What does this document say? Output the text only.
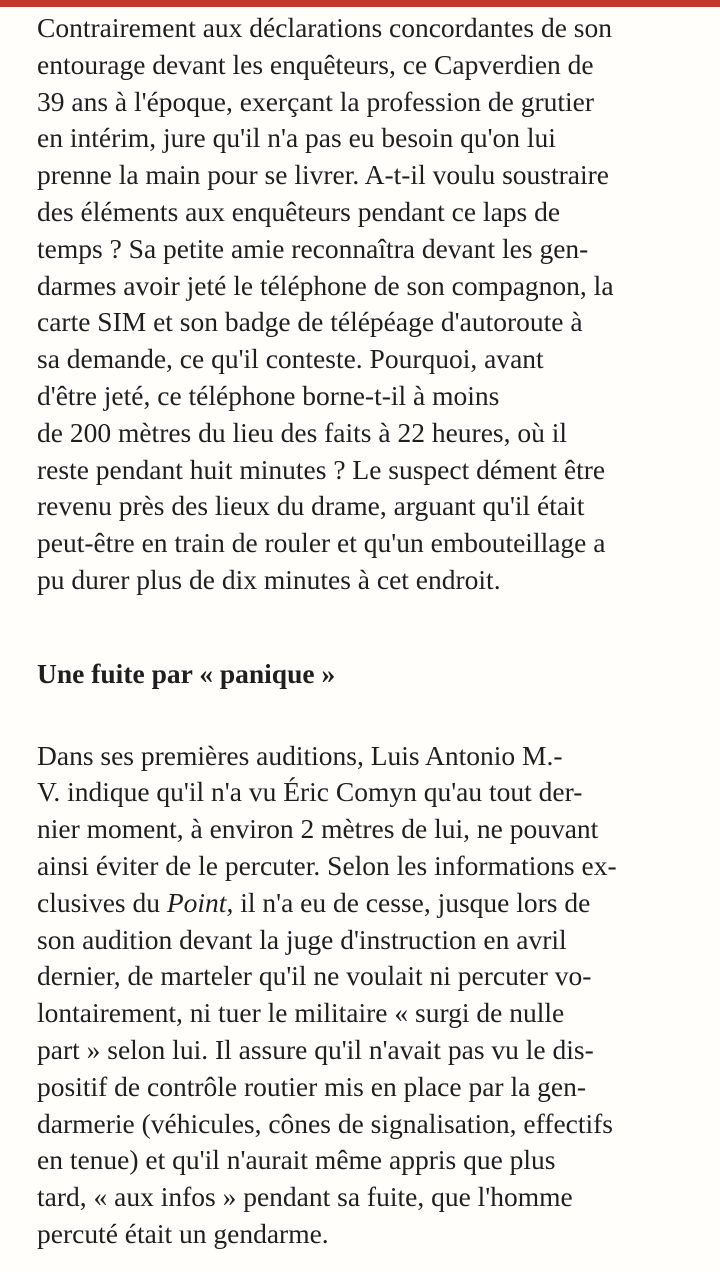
Contrairement aux déclarations concordantes de son
entourage devant les enquêteurs, ce Capverdien de
39 ans à l'époque, exerçant la profession de grutier
en intérim, jure qu'il n'a pas eu besoin qu'on lui
prenne la main pour se livrer. A-t-il voulu soustraire
des éléments aux enquêteurs pendant ce laps de
temps ? Sa petite amie reconnaîtra devant les gen-
darmes avoir jeté le téléphone de son compagnon, la
carte SIM et son badge de télépéage d'autoroute à
sa demande, ce qu'il conteste. Pourquoi, avant
d'être jeté, ce téléphone borne-t-il à moins
de 200 mètres du lieu des faits à 22 heures, où il
reste pendant huit minutes ? Le suspect dément être
revenu près des lieux du drame, arguant qu'il était
peut-être en train de rouler et qu'un embouteillage a
pu durer plus de dix minutes à cet endroit.

Une fuite par « panique »

Dans ses premières auditions, Luis Antonio M.-
V. indique qu'il n'a vu Éric Comyn qu'au tout der-
nier moment, à environ 2 mètres de lui, ne pouvant
ainsi éviter de le percuter. Selon les informations ex-
clusives du Point, il n'a eu de cesse, jusque lors de
son audition devant la juge d'instruction en avril
dernier, de marteler qu'il ne voulait ni percuter vo-
lontairement, ni tuer le militaire « surgi de nulle
part » selon lui. Il assure qu'il n'avait pas vu le dis-
positif de contrôle routier mis en place par la gen-
darmerie (véhicules, cônes de signalisation, effectifs
en tenue) et qu'il n'aurait même appris que plus
tard, « aux infos » pendant sa fuite, que l'homme
percuté était un gendarme.
